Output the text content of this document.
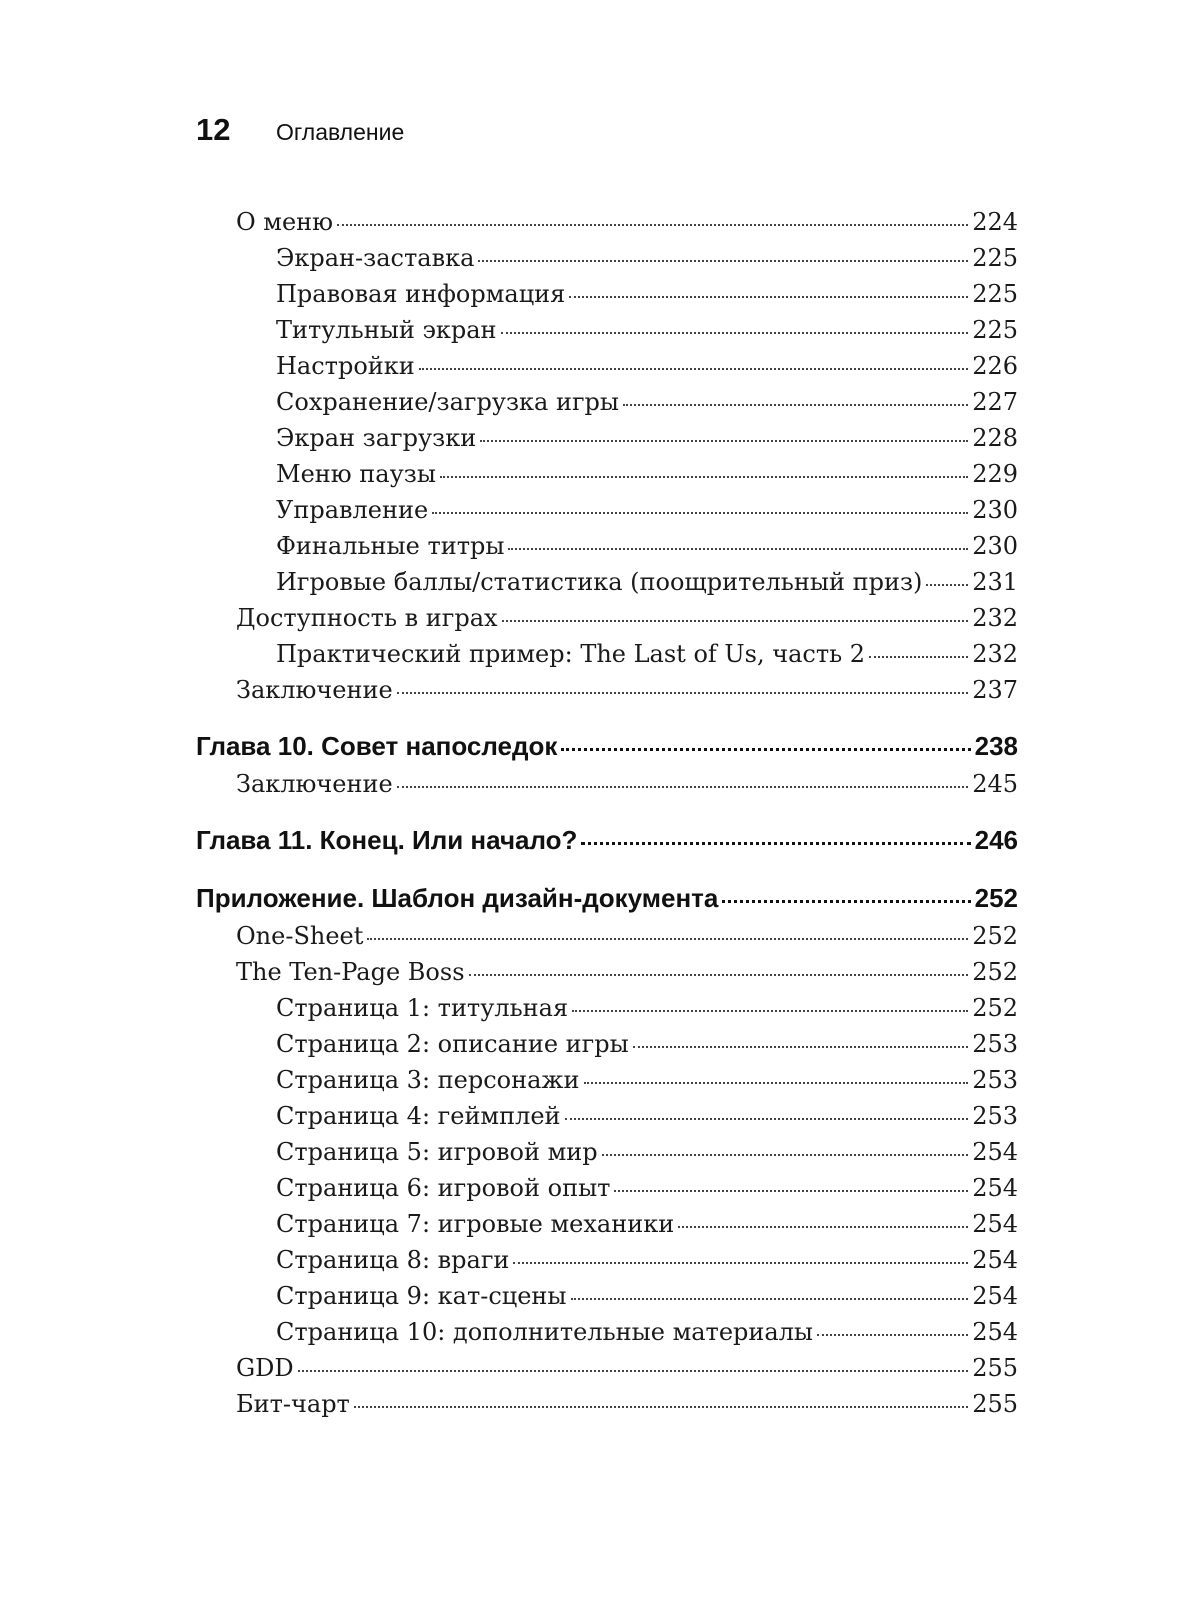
12	Оглавление
О меню	224
Экран-заставка	225
Правовая информация	225
Титульный экран	225
Настройки	226
Сохранение/загрузка игры	227
Экран загрузки	228
Меню паузы	229
Управление	230
Финальные титры	230
Игровые баллы/статистика (поощрительный приз) 231
Доступность в играх	232
Практический пример: The Last of Us, часть 2	232
Заключение	237
Глава 10. Совет напоследок	238
Заключение	245
Глава 11. Конец. Или начало?	246
Приложение. Шаблон дизайн-документа	252
One-Sheet	252
The Ten-Page Boss	252
Страница 1: титульная	252
Страница 2: описание игры	253
Страница 3: персонажи	253
Страница 4: геймплей	253
Страница 5: игровой мир	254
Страница 6: игровой опыт	254
Страница 7: игровые механики	254
Страница 8: враги	254
Страница 9: кат-сцены	254
Страница 10: дополнительные материалы	254
GDD	255
Бит-чарт	255
